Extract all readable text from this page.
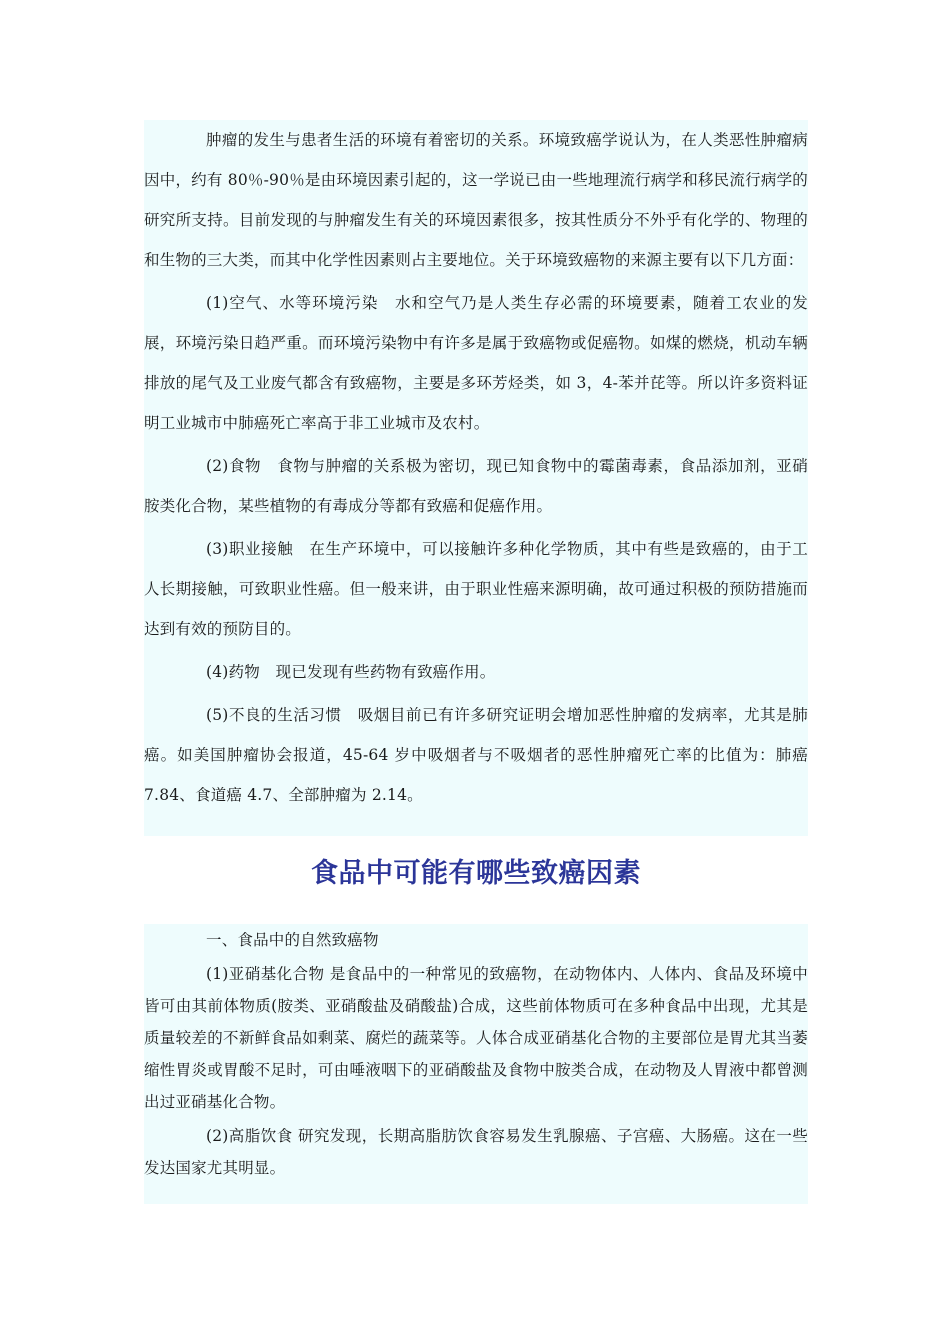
肿瘤的发生与患者生活的环境有着密切的关系。环境致癌学说认为，在人类恶性肿瘤病因中，约有 80％-90％是由环境因素引起的，这一学说已由一些地理流行病学和移民流行病学的研究所支持。目前发现的与肿瘤发生有关的环境因素很多，按其性质分不外乎有化学的、物理的和生物的三大类，而其中化学性因素则占主要地位。关于环境致癌物的来源主要有以下几方面：

(1)空气、水等环境污染　水和空气乃是人类生存必需的环境要素，随着工农业的发展，环境污染日趋严重。而环境污染物中有许多是属于致癌物或促癌物。如煤的燃烧，机动车辆排放的尾气及工业废气都含有致癌物，主要是多环芳烃类，如 3，4-苯并芘等。所以许多资料证明工业城市中肺癌死亡率高于非工业城市及农村。

(2)食物　食物与肿瘤的关系极为密切，现已知食物中的霉菌毒素，食品添加剂，亚硝胺类化合物，某些植物的有毒成分等都有致癌和促癌作用。

(3)职业接触　在生产环境中，可以接触许多种化学物质，其中有些是致癌的，由于工人长期接触，可致职业性癌。但一般来讲，由于职业性癌来源明确，故可通过积极的预防措施而达到有效的预防目的。

(4)药物　现已发现有些药物有致癌作用。

(5)不良的生活习惯　吸烟目前已有许多研究证明会增加恶性肿瘤的发病率，尤其是肺癌。如美国肿瘤协会报道，45-64 岁中吸烟者与不吸烟者的恶性肿瘤死亡率的比值为：肺癌 7.84、食道癌 4.7、全部肿瘤为 2.14。

食品中可能有哪些致癌因素

一、食品中的自然致癌物

(1)亚硝基化合物 是食品中的一种常见的致癌物，在动物体内、人体内、食品及环境中皆可由其前体物质(胺类、亚硝酸盐及硝酸盐)合成，这些前体物质可在多种食品中出现，尤其是质量较差的不新鲜食品如剩菜、腐烂的蔬菜等。人体合成亚硝基化合物的主要部位是胃尤其当萎缩性胃炎或胃酸不足时，可由唾液咽下的亚硝酸盐及食物中胺类合成，在动物及人胃液中都曾测出过亚硝基化合物。

(2)高脂饮食 研究发现，长期高脂肪饮食容易发生乳腺癌、子宫癌、大肠癌。这在一些发达国家尤其明显。
